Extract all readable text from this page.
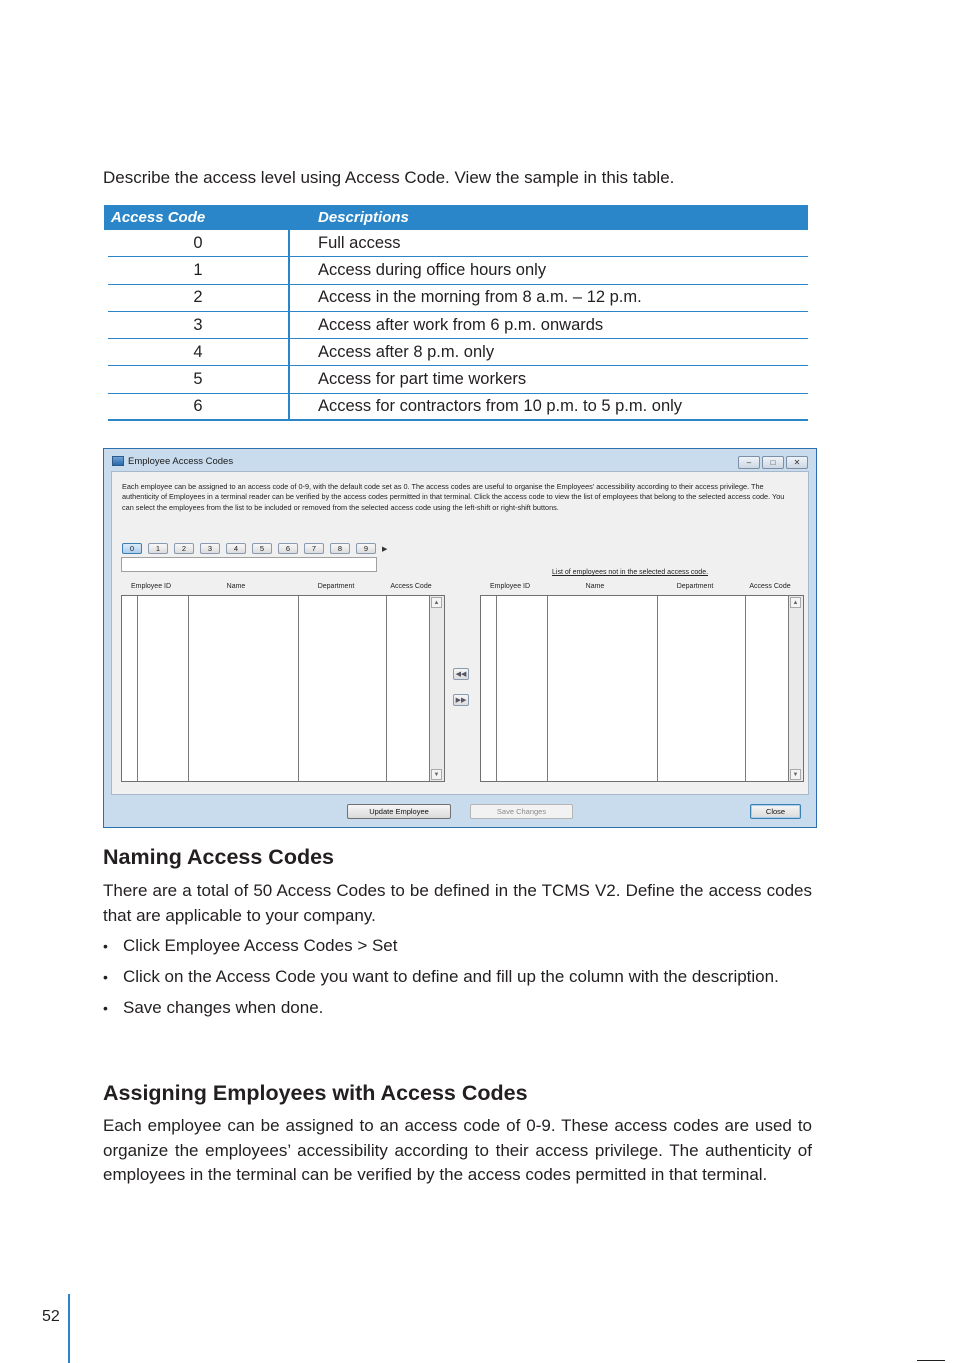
Describe the access level using Access Code. View the sample in this table.

Access Code	Descriptions
0	Full access
1	Access during office hours only
2	Access in the morning from 8 a.m. – 12 p.m.
3	Access after work from 6 p.m. onwards
4	Access after 8 p.m. only
5	Access for part time workers
6	Access for contractors from 10 p.m. to 5 p.m. only
Employee Access Codes	–	□	✕

Each employee can be assigned to an access code of 0-9, with the default code set as 0. The access codes are useful to organise the Employees' accessibility according to their access privilege. The authenticity of Employees in a terminal reader can be verified by the access codes permitted in that terminal. Click the access code to view the list of employees that belong to the selected access code. You can select the employees from the list to be included or removed from the selected access code using the left-shift or right-shift buttons.

0	1	2	3	4	5	6	7	8	9	▶
List of employees not in the selected access code.
Employee ID	Name	Department	Access Code
▲
▼
◀◀
▶▶
Employee ID	Name	Department	Access Code
▲
▼
Update Employee	Save Changes	Close
Naming Access Codes

There are a total of 50 Access Codes to be defined in the TCMS V2. Define the access codes that are applicable to your company.

• Click Employee Access Codes > Set
• Click on the Access Code you want to define and fill up the column with the description.
• Save changes when done.
Assigning Employees with Access Codes

Each employee can be assigned to an access code of 0-9. These access codes are used to organize the employees’ accessibility according to their access privilege. The authenticity of employees in the terminal can be verified by the access codes permitted in that terminal.

52
